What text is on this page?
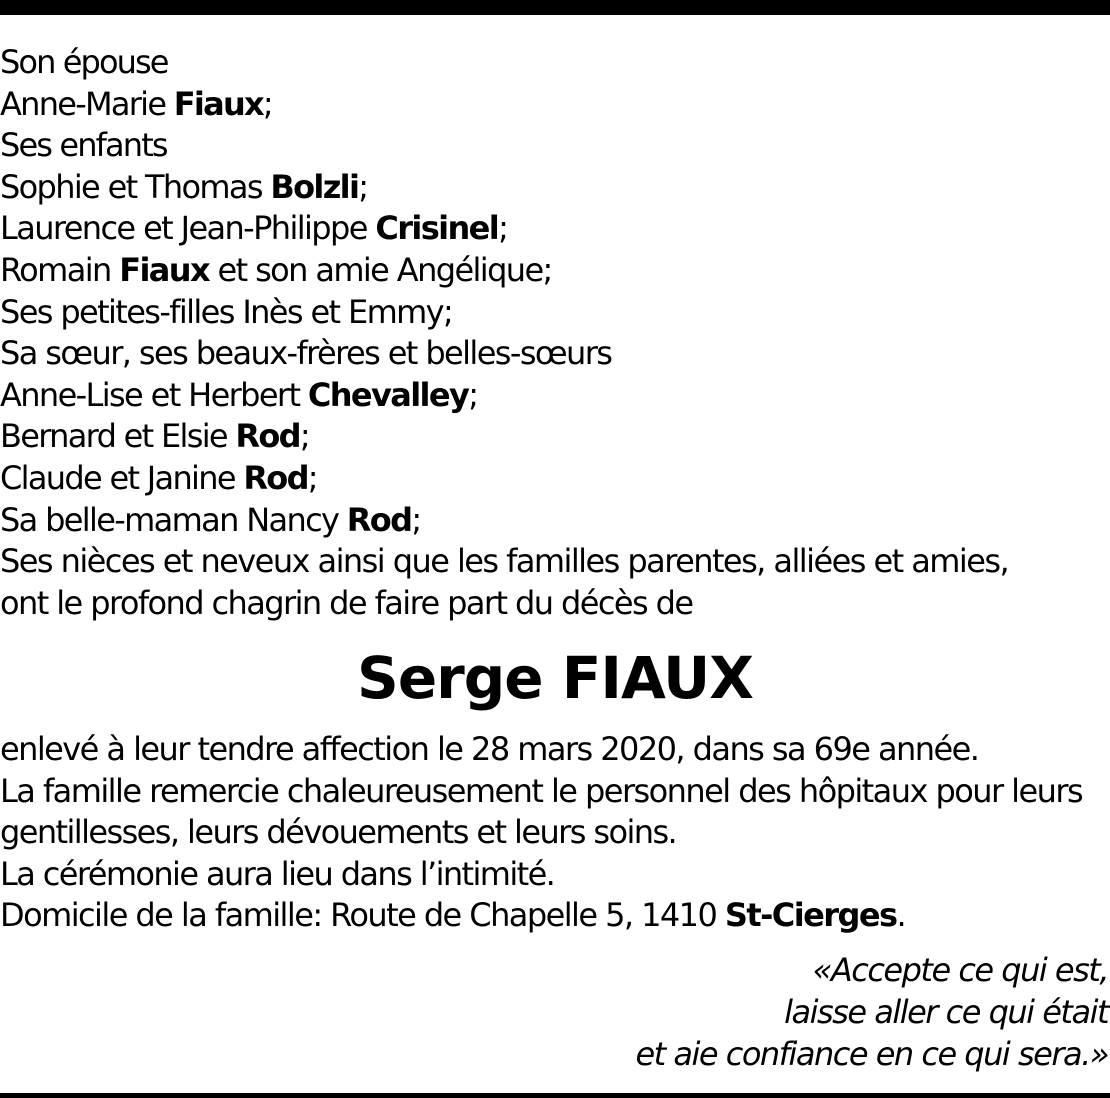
Son épouse
Anne-Marie Fiaux;
Ses enfants
Sophie et Thomas Bolzli;
Laurence et Jean-Philippe Crisinel;
Romain Fiaux et son amie Angélique;
Ses petites-filles Inès et Emmy;
Sa sœur, ses beaux-frères et belles-sœurs
Anne-Lise et Herbert Chevalley;
Bernard et Elsie Rod;
Claude et Janine Rod;
Sa belle-maman Nancy Rod;
Ses nièces et neveux ainsi que les familles parentes, alliées et amies,
ont le profond chagrin de faire part du décès de
Serge FIAUX
enlevé à leur tendre affection le 28 mars 2020, dans sa 69e année.
La famille remercie chaleureusement le personnel des hôpitaux pour leurs
gentillesses, leurs dévouements et leurs soins.
La cérémonie aura lieu dans l’intimité.
Domicile de la famille: Route de Chapelle 5, 1410 St-Cierges.
«Accepte ce qui est,
laisse aller ce qui était
et aie confiance en ce qui sera.»
